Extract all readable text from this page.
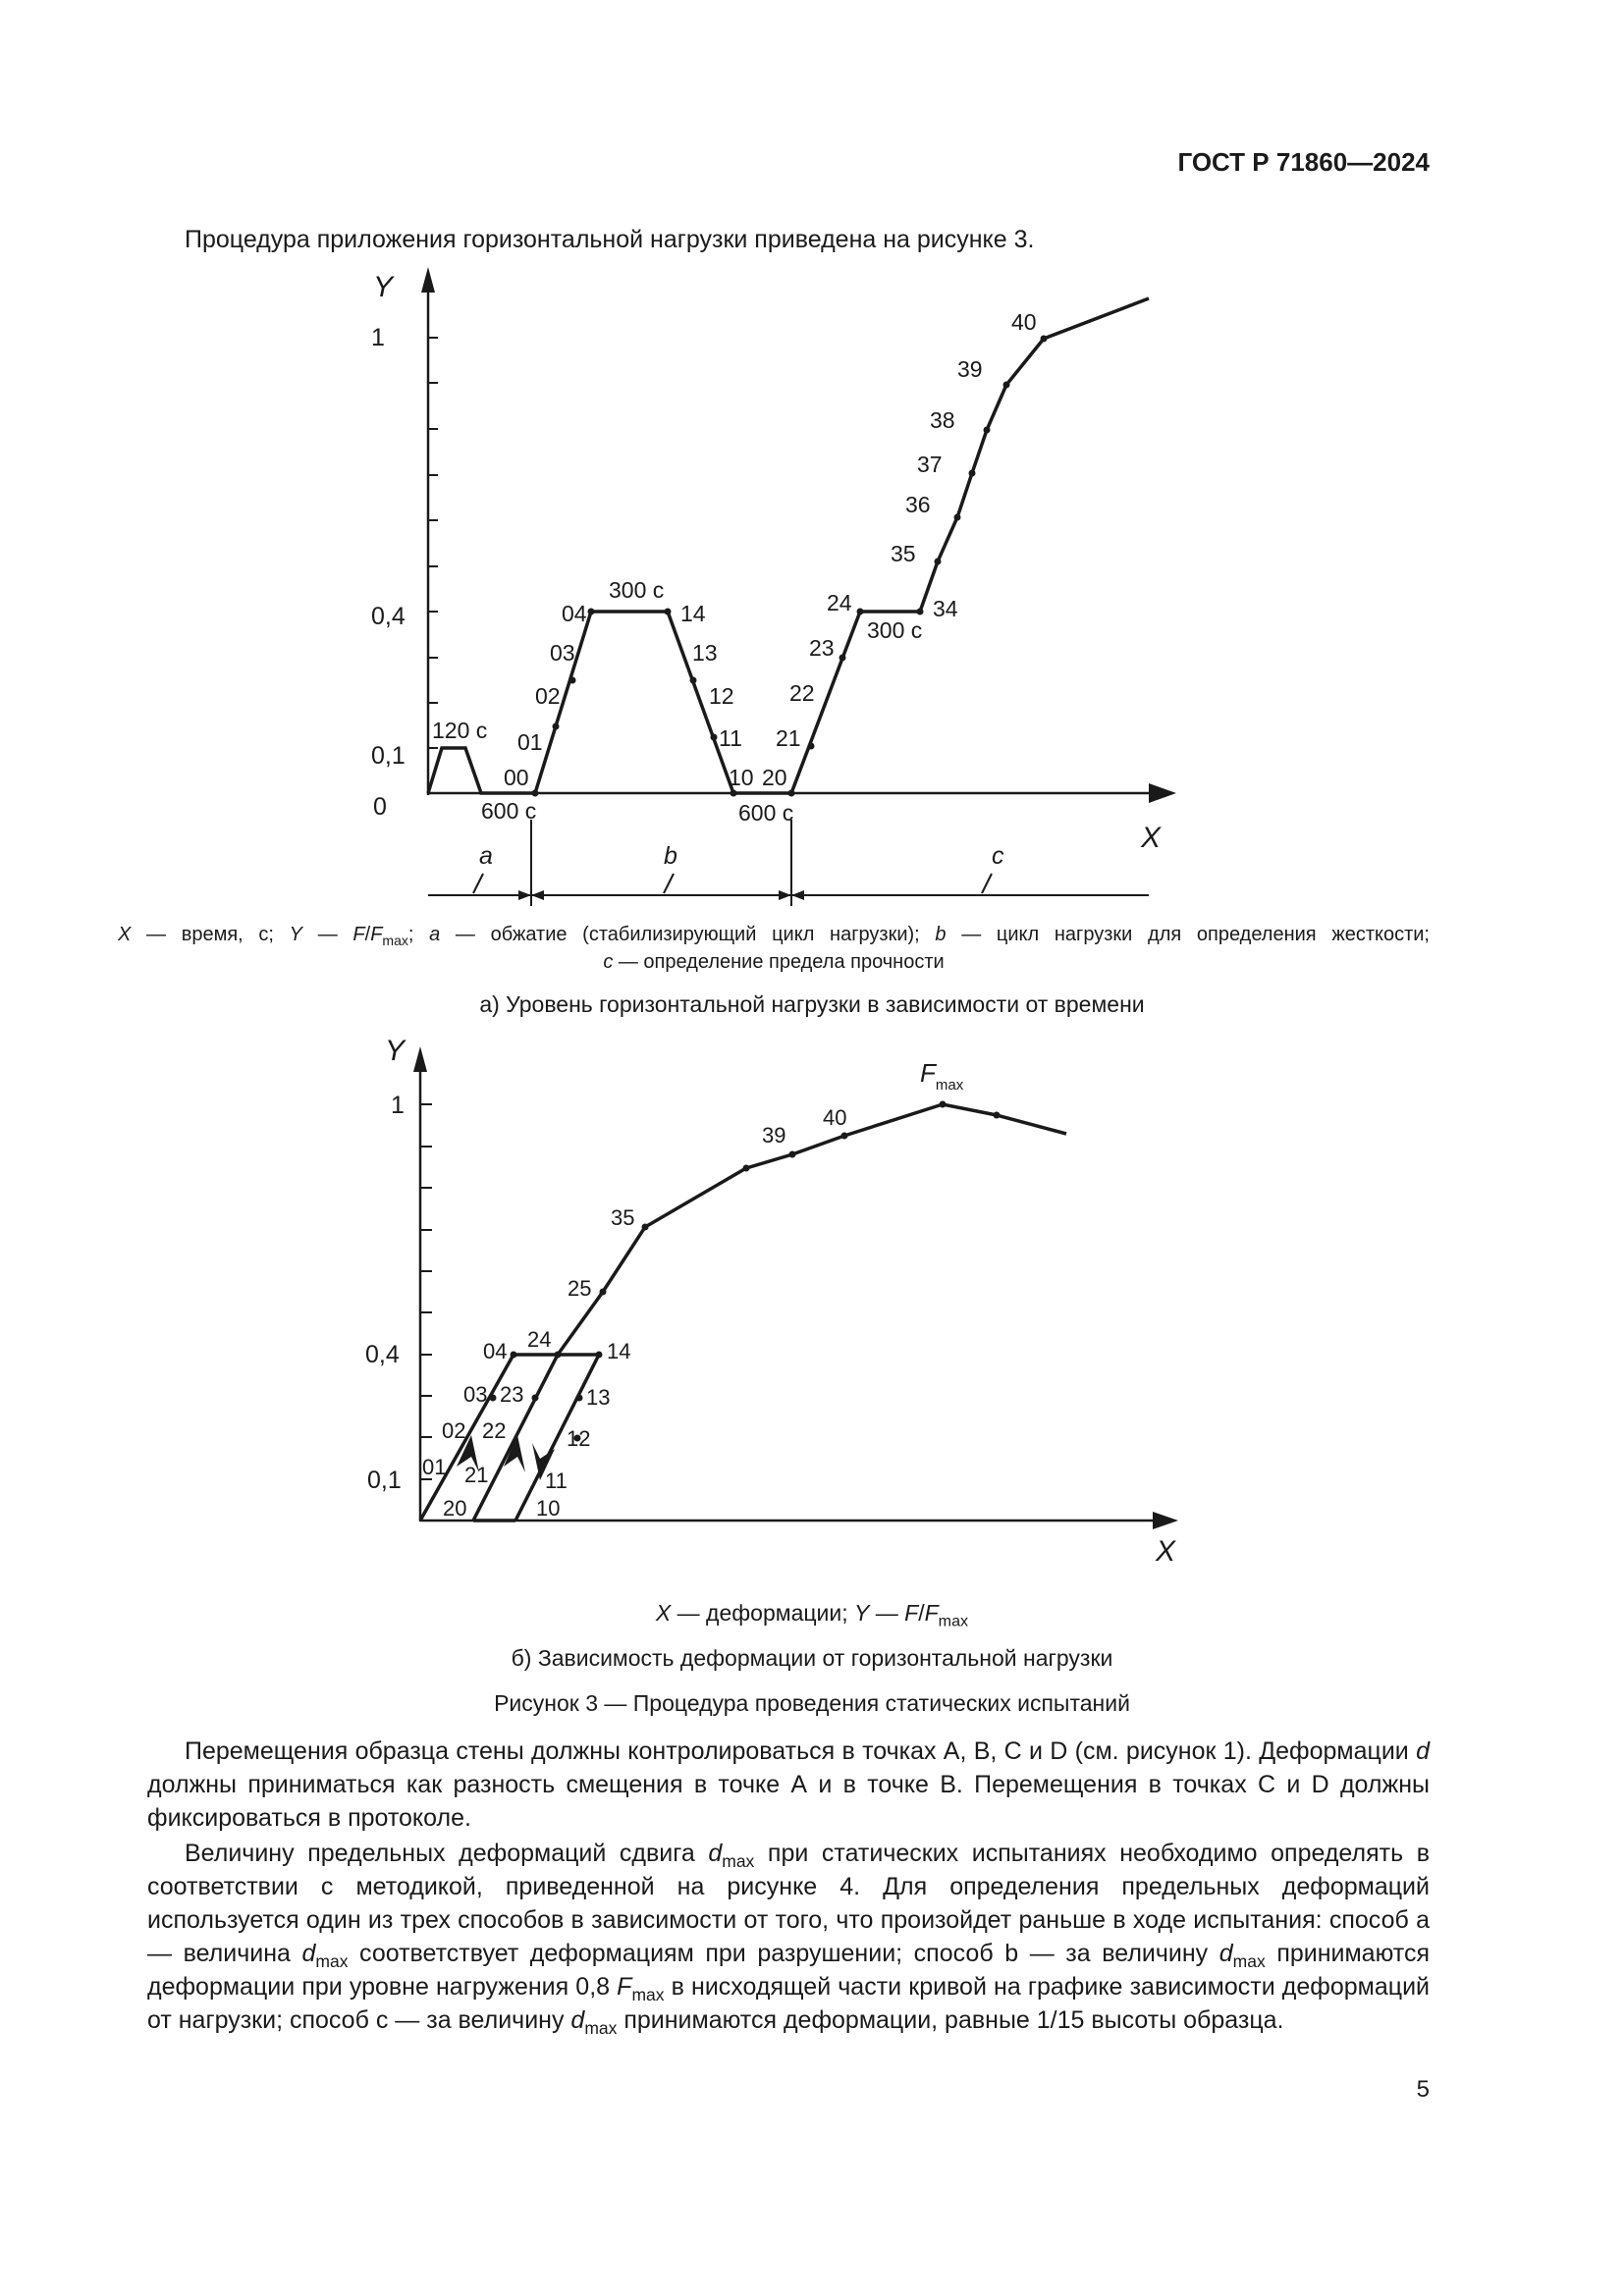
ГОСТ Р 71860—2024
Процедура приложения горизонтальной нагрузки приведена на рисунке 3.
Y
X
1
0,4
0,1
0
a	b	c
120 с
600 с	600 с
00
01
02
03
04
300 с
14
13
12
11
10 20
21
22
23
24
300 с
34
35
36
37
38
39
40
Y
X
1
0,4
0,1
$F_{max}$
39
40
35
25
24
04	14
03 23	13
02 22	12
01 21	11
20	10
X — время, с; Y — $F/F_{max}$; a — обжатие (стабилизирующий цикл нагрузки); b — цикл нагрузки для определения жесткости;
c — определение предела прочности
а) Уровень горизонтальной нагрузки в зависимости от времени
X — деформации; Y — $F/F_{max}$
б) Зависимость деформации от горизонтальной нагрузки
Рисунок 3 — Процедура проведения статических испытаний

Перемещения образца стены должны контролироваться в точках А, В, С и D (см. рисунок 1). Деформации d должны приниматься как разность смещения в точке А и в точке В. Перемещения в точках С и D должны фиксироваться в протоколе.

Величину предельных деформаций сдвига $d_{max}$ при статических испытаниях необходимо определять в соответствии с методикой, приведенной на рисунке 4. Для определения предельных деформаций используется один из трех способов в зависимости от того, что произойдет раньше в ходе испытания: способ а — величина $d_{max}$ соответствует деформациям при разрушении; способ b — за величину $d_{max}$ принимаются деформации при уровне нагружения 0,8 $F_{max}$ в нисходящей части кривой на графике зависимости деформаций от нагрузки; способ с — за величину $d_{max}$ принимаются деформации, равные 1/15 высоты образца.

5
